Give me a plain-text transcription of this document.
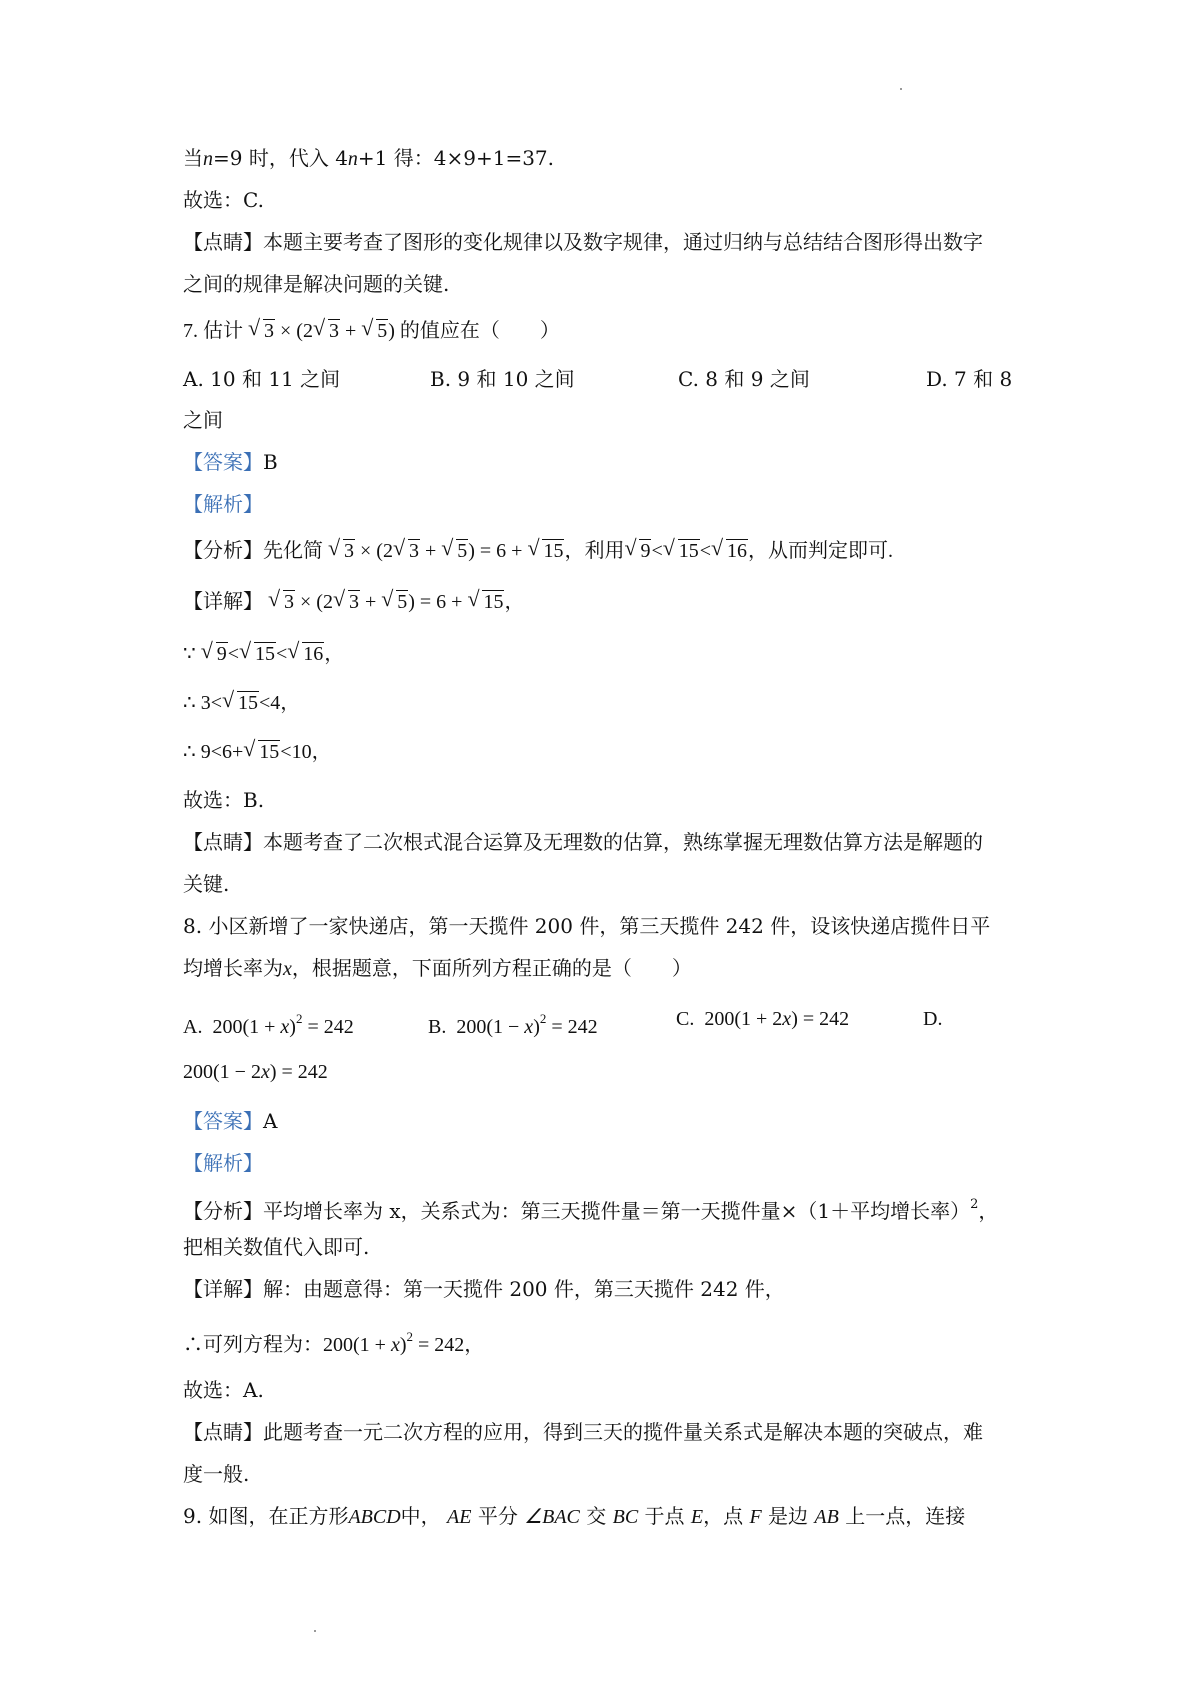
当n=9 时，代入 4n+1 得：4×9+1=37.
故选：C.
【点睛】本题主要考查了图形的变化规律以及数字规律，通过归纳与总结结合图形得出数字
之间的规律是解决问题的关键.
7. 估计 √ 3 × (2 √ 3 + √ 5) 的值应在（　　）
A. 10 和 11 之间	B. 9 和 10 之间	C. 8 和 9 之间	D. 7 和 8
之间
【答案】B
【解析】
【分析】先化简 √ 3 × (2 √ 3 + √ 5) = 6 + √ 15，利用 √ 9< √ 15< √ 16，从而判定即可.
【详解】 √ 3 × (2 √ 3 + √ 5) = 6 + √ 15，
∵ √ 9< √ 15< √ 16，
∴ 3< √ 15<4，
∴ 9<6+ √ 15<10，
故选：B.
【点睛】本题考查了二次根式混合运算及无理数的估算，熟练掌握无理数估算方法是解题的
关键.
8. 小区新增了一家快递店，第一天揽件 200 件，第三天揽件 242 件，设该快递店揽件日平
均增长率为x，根据题意，下面所列方程正确的是（　　）
A.  $200(1 + x)^2 = 242$	B.  $200(1 - x)^2 = 242$	C.  200(1 + 2x) = 242	D.
200(1 − 2x) = 242
【答案】A
【解析】
【分析】平均增长率为 x，关系式为：第三天揽件量＝第一天揽件量×（1＋平均增长率）$^2$，
把相关数值代入即可.
【详解】解：由题意得：第一天揽件 200 件，第三天揽件 242 件，
∴可列方程为：$200(1 + x)^2 = 242$，
故选：A.
【点睛】此题考查一元二次方程的应用，得到三天的揽件量关系式是解决本题的突破点，难
度一般.
9. 如图，在正方形ABCD中， AE 平分 ∠BAC 交 BC 于点 E，点 F 是边 AB 上一点，连接
